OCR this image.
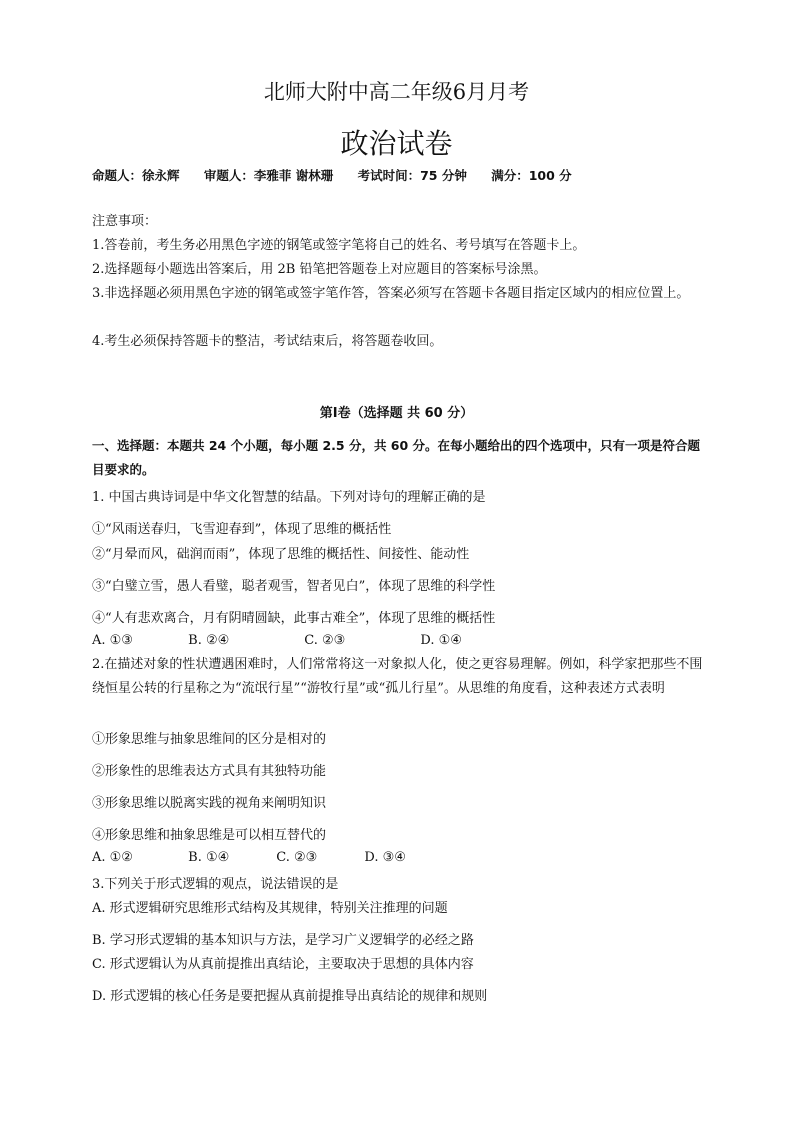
北师大附中高二年级6月月考
政治试卷
命题人：徐永辉 审题人：李雅菲 谢林珊 考试时间：75 分钟 满分：100 分
注意事项：
1.答卷前，考生务必用黑色字迹的钢笔或签字笔将自己的姓名、考号填写在答题卡上。
2.选择题每小题选出答案后，用 2B 铅笔把答题卷上对应题目的答案标号涂黑。
3.非选择题必须用黑色字迹的钢笔或签字笔作答，答案必须写在答题卡各题目指定区域内的相应位置上。
4.考生必须保持答题卡的整洁，考试结束后，将答题卷收回。
第Ⅰ卷（选择题 共 60 分）
一、选择题：本题共 24 个小题，每小题 2.5 分，共 60 分。在每小题给出的四个选项中，只有一项是符合题目要求的。
1. 中国古典诗词是中华文化智慧的结晶。下列对诗句的理解正确的是
①“风雨送春归，飞雪迎春到”，体现了思维的概括性
②“月晕而风，础润而雨”，体现了思维的概括性、间接性、能动性
③“白璧立雪，愚人看璧，聪者观雪，智者见白”，体现了思维的科学性
④“人有悲欢离合，月有阴晴圆缺，此事古难全”，体现了思维的概括性
A. ①③	B. ②④	C. ②③	D. ①④
2.在描述对象的性状遭遇困难时，人们常常将这一对象拟人化，使之更容易理解。例如，科学家把那些不围绕恒星公转的行星称之为“流氓行星”“游牧行星”或“孤儿行星”。从思维的角度看，这种表述方式表明
①形象思维与抽象思维间的区分是相对的
②形象性的思维表达方式具有其独特功能
③形象思维以脱离实践的视角来阐明知识
④形象思维和抽象思维是可以相互替代的
A. ①②	B. ①④	C. ②③	D. ③④
3.下列关于形式逻辑的观点，说法错误的是
A. 形式逻辑研究思维形式结构及其规律，特别关注推理的问题
B. 学习形式逻辑的基本知识与方法，是学习广义逻辑学的必经之路
C. 形式逻辑认为从真前提推出真结论，主要取决于思想的具体内容
D. 形式逻辑的核心任务是要把握从真前提推导出真结论的规律和规则
